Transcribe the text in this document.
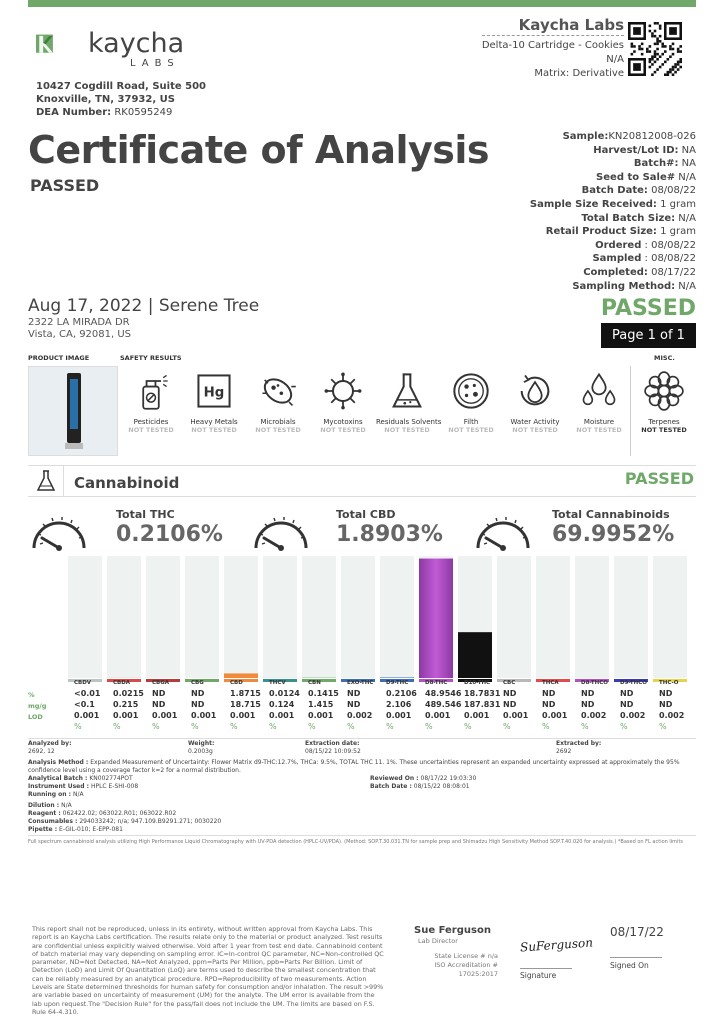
kaycha
LABS
10427 Cogdill Road, Suite 500
Knoxville, TN, 37932, US
DEA Number: RK0595249
Kaycha Labs
Delta-10 Cartridge - Cookies
N/A
Matrix: Derivative
Certificate of Analysis
PASSED
Sample:KN20812008-026
Harvest/Lot ID: NA
Batch#: NA
Seed to Sale# N/A
Batch Date: 08/08/22
Sample Size Received: 1 gram
Total Batch Size: N/A
Retail Product Size: 1 gram
Ordered : 08/08/22
Sampled : 08/08/22
Completed: 08/17/22
Sampling Method: N/A
Aug 17, 2022 | Serene Tree
2322 LA MIRADA DR
Vista, CA, 92081, US
PASSED
Page 1 of 1
PRODUCT IMAGE	SAFETY RESULTS	MISC.
Pesticides
NOT TESTED
Hg
Heavy Metals
NOT TESTED
Microbials
NOT TESTED
Mycotoxins
NOT TESTED
Residuals Solvents
NOT TESTED
Filth
NOT TESTED
Water Activity
NOT TESTED
Moisture
NOT TESTED
Terpenes
NOT TESTED
Cannabinoid	PASSED
Total THC
0.2106%
Total CBD
1.8903%
Total Cannabinoids
69.9952%
CBDV	CBDA	CBGA	CBG	CBD	THCV	CBN	EXO-THC D9-THC	D8-THC	D10-THC CBC	THCA	D8-THCO D9-THCO THC-O
%	<0.01 0.0215 ND	ND	1.8715 0.0124 0.1415 ND	0.2106 48.9546 18.7831 ND	ND	ND	ND	ND
mg/g	<0.1 0.215 ND	ND	18.715 0.124 1.415 ND	2.106 489.546 187.831 ND	ND	ND	ND	ND
LOD	0.001 0.001 0.001 0.001 0.001 0.001 0.001 0.002 0.001 0.001 0.001 0.001 0.001 0.002 0.002 0.002
%	%	%	%	%	%	%	%	%	%	%	%	%	%	%	%
Analyzed by:
2692, 12
Weight:
0.2003g
Extraction date:
08/15/22 10:09:52
Extracted by:
2692
Analysis Method : Expanded Measurement of Uncertainty: Flower Matrix d9-THC:12.7%, THCa: 9.5%, TOTAL THC 11. 1%. These uncertainties represent an expanded uncertainty expressed at approximately the 95% confidence level using a coverage factor k=2 for a normal distribution.
Analytical Batch : KN002774POT
Instrument Used : HPLC E-SHI-008
Running on : N/A
Reviewed On : 08/17/22 19:03:30
Batch Date : 08/15/22 08:08:01
Dilution : N/A
Reagent : 062422.02; 063022.R01; 063022.R02
Consumables : 294033242; n/a; 947.109.B9291.271; 0030220
Pipette : E-GIL-010; E-EPP-081
Full spectrum cannabinoid analysis utilizing High Performance Liquid Chromatography with UV-PDA detection (HPLC-UV/PDA). (Method: SOP.T.30.031.TN for sample prep and Shimadzu High Sensitivity Method SOP.T.40.020 for analysis.) *Based on FL action limits
This report shall not be reproduced, unless in its entirety, without written approval from Kaycha Labs. This report is an Kaycha Labs certification. The results relate only to the material or product analyzed. Test results are confidential unless explicitly waived otherwise. Void after 1 year from test end date. Cannabinoid content of batch material may vary depending on sampling error. IC=In-control QC parameter, NC=Non-controlled QC parameter, ND=Not Detected, NA=Not Analyzed, ppm=Parts Per Million, ppb=Parts Per Billion. Limit of Detection (LoD) and Limit Of Quantitation (LoQ) are terms used to describe the smallest concentration that can be reliably measured by an analytical procedure. RPD=Reproducibility of two measurements. Action Levels are State determined thresholds for human safety for consumption and/or inhalation. The result >99% are variable based on uncertainty of measurement (UM) for the analyte. The UM error is available from the lab upon request.The "Decision Rule" for the pass/fail does not include the UM. The limits are based on F.S. Rule 64-4.310.
Sue Ferguson
Lab Director
State License # n/a
ISO Accreditation # 17025:2017
SuFerguson
Signature
08/17/22
Signed On
